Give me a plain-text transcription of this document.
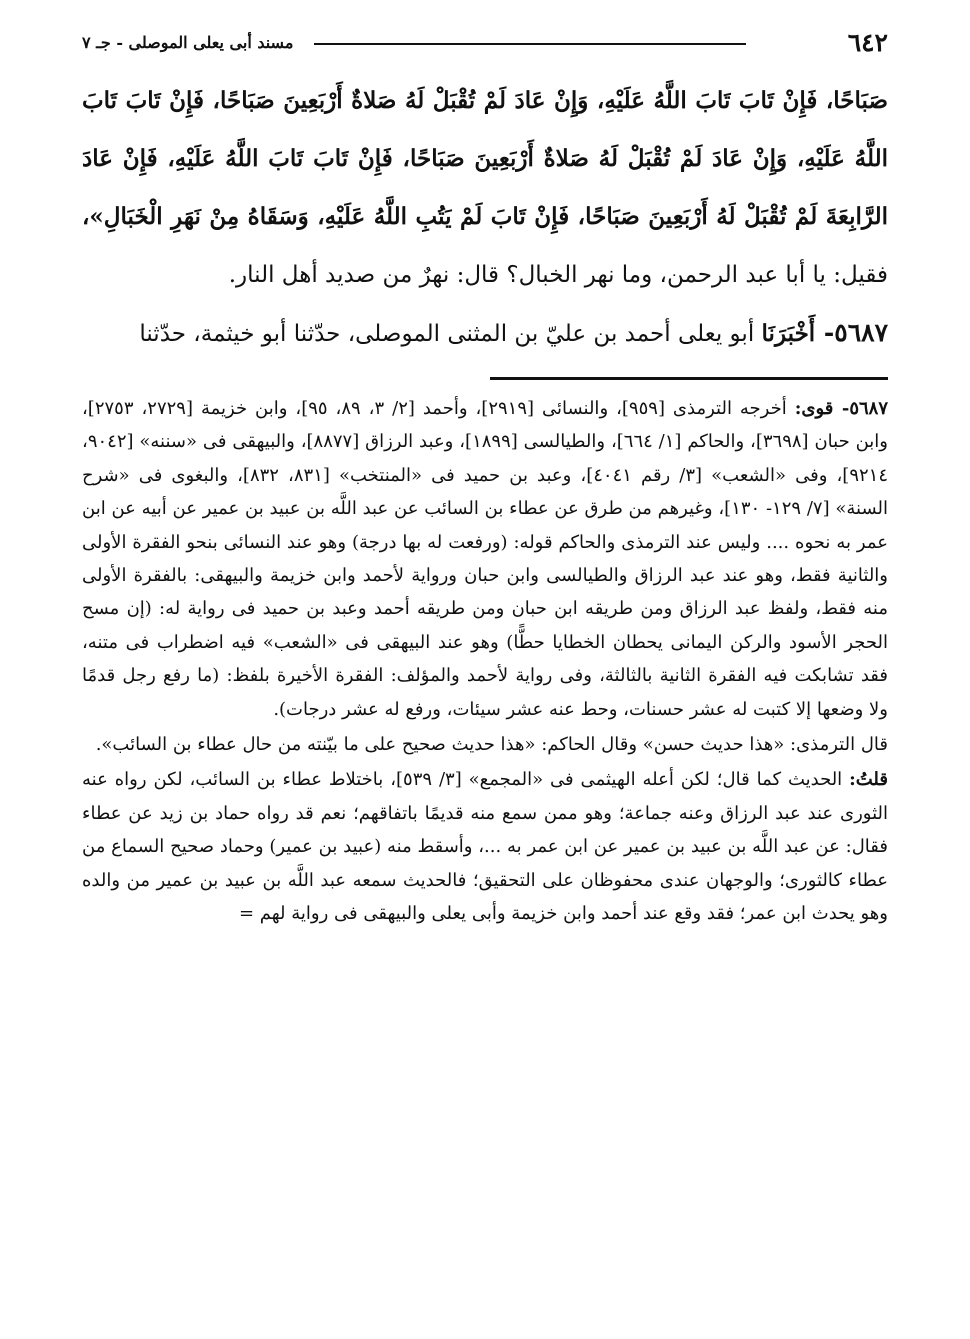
٦٤٢
مسند أبى يعلى الموصلى - جـ ٧

صَبَاحًا، فَإِنْ تَابَ تَابَ اللَّهُ عَلَيْهِ، وَإِنْ عَادَ لَمْ تُقْبَلْ لَهُ صَلاةٌ أَرْبَعِينَ صَبَاحًا، فَإِنْ تَابَ تَابَ اللَّهُ عَلَيْهِ، وَإِنْ عَادَ لَمْ تُقْبَلْ لَهُ صَلاةٌ أَرْبَعِينَ صَبَاحًا، فَإِنْ تَابَ تَابَ اللَّهُ عَلَيْهِ، فَإِنْ عَادَ الرَّابِعَةَ لَمْ تُقْبَلْ لَهُ أَرْبَعِينَ صَبَاحًا، فَإِنْ تَابَ لَمْ يَتُبِ اللَّهُ عَلَيْهِ، وَسَقَاهُ مِنْ نَهَرِ الْخَبَالِ»، فقيل: يا أبا عبد الرحمن، وما نهر الخبال؟ قال: نهرٌ من صديد أهل النار.

٥٦٨٧- أَخْبَرَنَا أبو يعلى أحمد بن عليّ بن المثنى الموصلى، حدّثنا أبو خيثمة، حدّثنا

٥٦٨٧- قوى: أخرجه الترمذى [٩٥٩]، والنسائى [٢٩١٩]، وأحمد [٢/ ٣، ٨٩، ٩٥]، وابن خزيمة [٢٧٢٩، ٢٧٥٣]، وابن حبان [٣٦٩٨]، والحاكم [١/ ٦٦٤]، والطيالسى [١٨٩٩]، وعبد الرزاق [٨٨٧٧]، والبيهقى فى «سننه» [٩٠٤٢، ٩٢١٤]، وفى «الشعب» [٣/ رقم ٤٠٤١]، وعبد بن حميد فى «المنتخب» [٨٣١، ٨٣٢]، والبغوى فى «شرح السنة» [٧/ ١٢٩- ١٣٠]، وغيرهم من طرق عن عطاء بن السائب عن عبد اللَّه بن عبيد بن عمير عن أبيه عن ابن عمر به نحوه .... وليس عند الترمذى والحاكم قوله: (ورفعت له بها درجة) وهو عند النسائى بنحو الفقرة الأولى والثانية فقط، وهو عند عبد الرزاق والطيالسى وابن حبان ورواية لأحمد وابن خزيمة والبيهقى: بالفقرة الأولى منه فقط، ولفظ عبد الرزاق ومن طريقه ابن حبان ومن طريقه أحمد وعبد بن حميد فى رواية له: (إن مسح الحجر الأسود والركن اليمانى يحطان الخطايا حطًّا) وهو عند البيهقى فى «الشعب» فيه اضطراب فى متنه، فقد تشابكت فيه الفقرة الثانية بالثالثة، وفى رواية لأحمد والمؤلف: الفقرة الأخيرة بلفظ: (ما رفع رجل قدمًا ولا وضعها إلا كتبت له عشر حسنات، وحط عنه عشر سيئات، ورفع له عشر درجات).

قال الترمذى: «هذا حديث حسن» وقال الحاكم: «هذا حديث صحيح على ما بيّنته من حال عطاء بن السائب».

قلتُ: الحديث كما قال؛ لكن أعله الهيثمى فى «المجمع» [٣/ ٥٣٩]، باختلاط عطاء بن السائب، لكن رواه عنه الثورى عند عبد الرزاق وعنه جماعة؛ وهو ممن سمع منه قديمًا باتفاقهم؛ نعم قد رواه حماد بن زيد عن عطاء فقال: عن عبد اللَّه بن عبيد بن عمير عن ابن عمر به ...، وأسقط منه (عبيد بن عمير) وحماد صحيح السماع من عطاء كالثورى؛ والوجهان عندى محفوظان على التحقيق؛ فالحديث سمعه عبد اللَّه بن عبيد بن عمير من والده وهو يحدث ابن عمر؛ فقد وقع عند أحمد وابن خزيمة وأبى يعلى والبيهقى فى رواية لهم =
